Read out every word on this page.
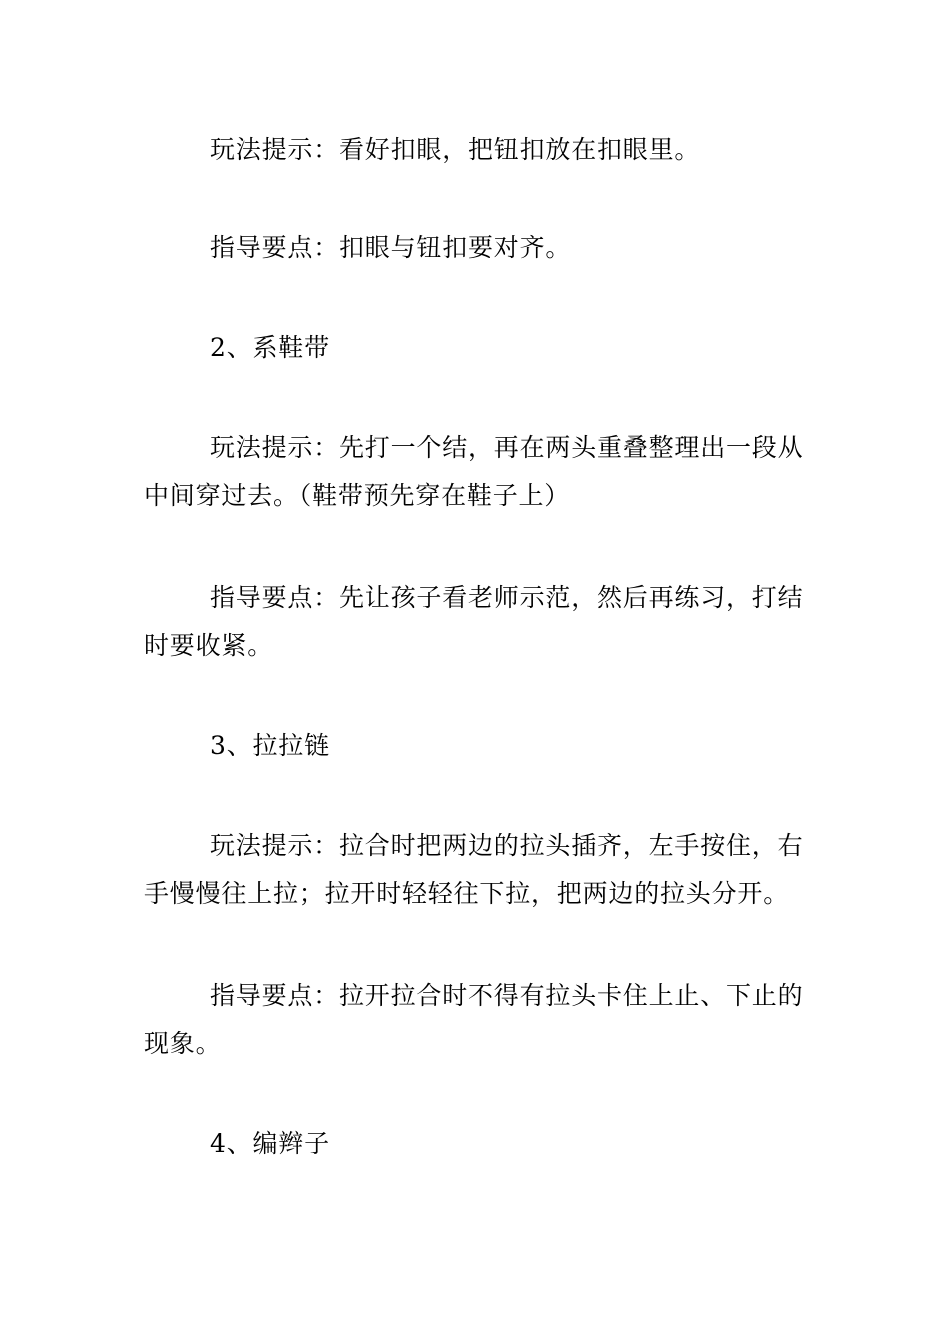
玩法提示：看好扣眼，把钮扣放在扣眼里。

指导要点：扣眼与钮扣要对齐。

2、系鞋带

玩法提示：先打一个结，再在两头重叠整理出一段从中间穿过去。（鞋带预先穿在鞋子上）

指导要点：先让孩子看老师示范，然后再练习，打结时要收紧。

3、拉拉链

玩法提示：拉合时把两边的拉头插齐，左手按住，右手慢慢往上拉；拉开时轻轻往下拉，把两边的拉头分开。

指导要点：拉开拉合时不得有拉头卡住上止、下止的现象。

4、编辫子
